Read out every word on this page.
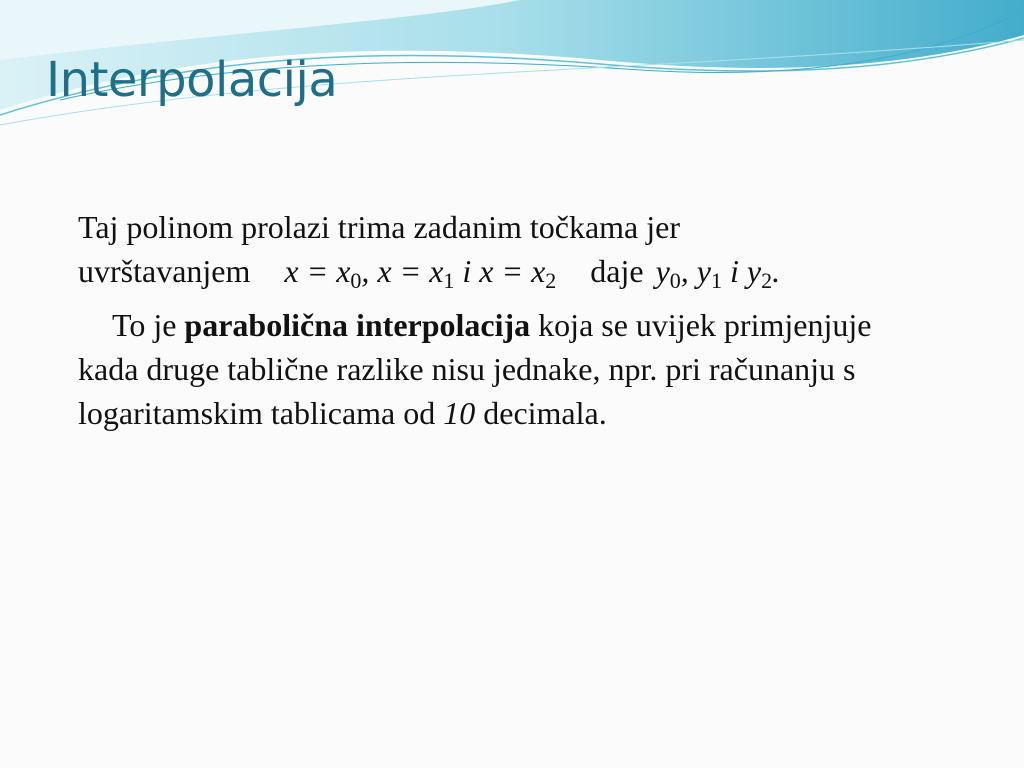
Interpolacija

Taj polinom prolazi trima zadanim točkama jer
uvrštavanjem $x = x_0$, $x = x_1$ i $x = x_2$ daje $y_0$, $y_1$ i $y_2$.

To je parabolična interpolacija koja se uvijek primjenjuje kada druge tablične razlike nisu jednake, npr. pri računanju s logaritamskim tablicama od 10 decimala.
